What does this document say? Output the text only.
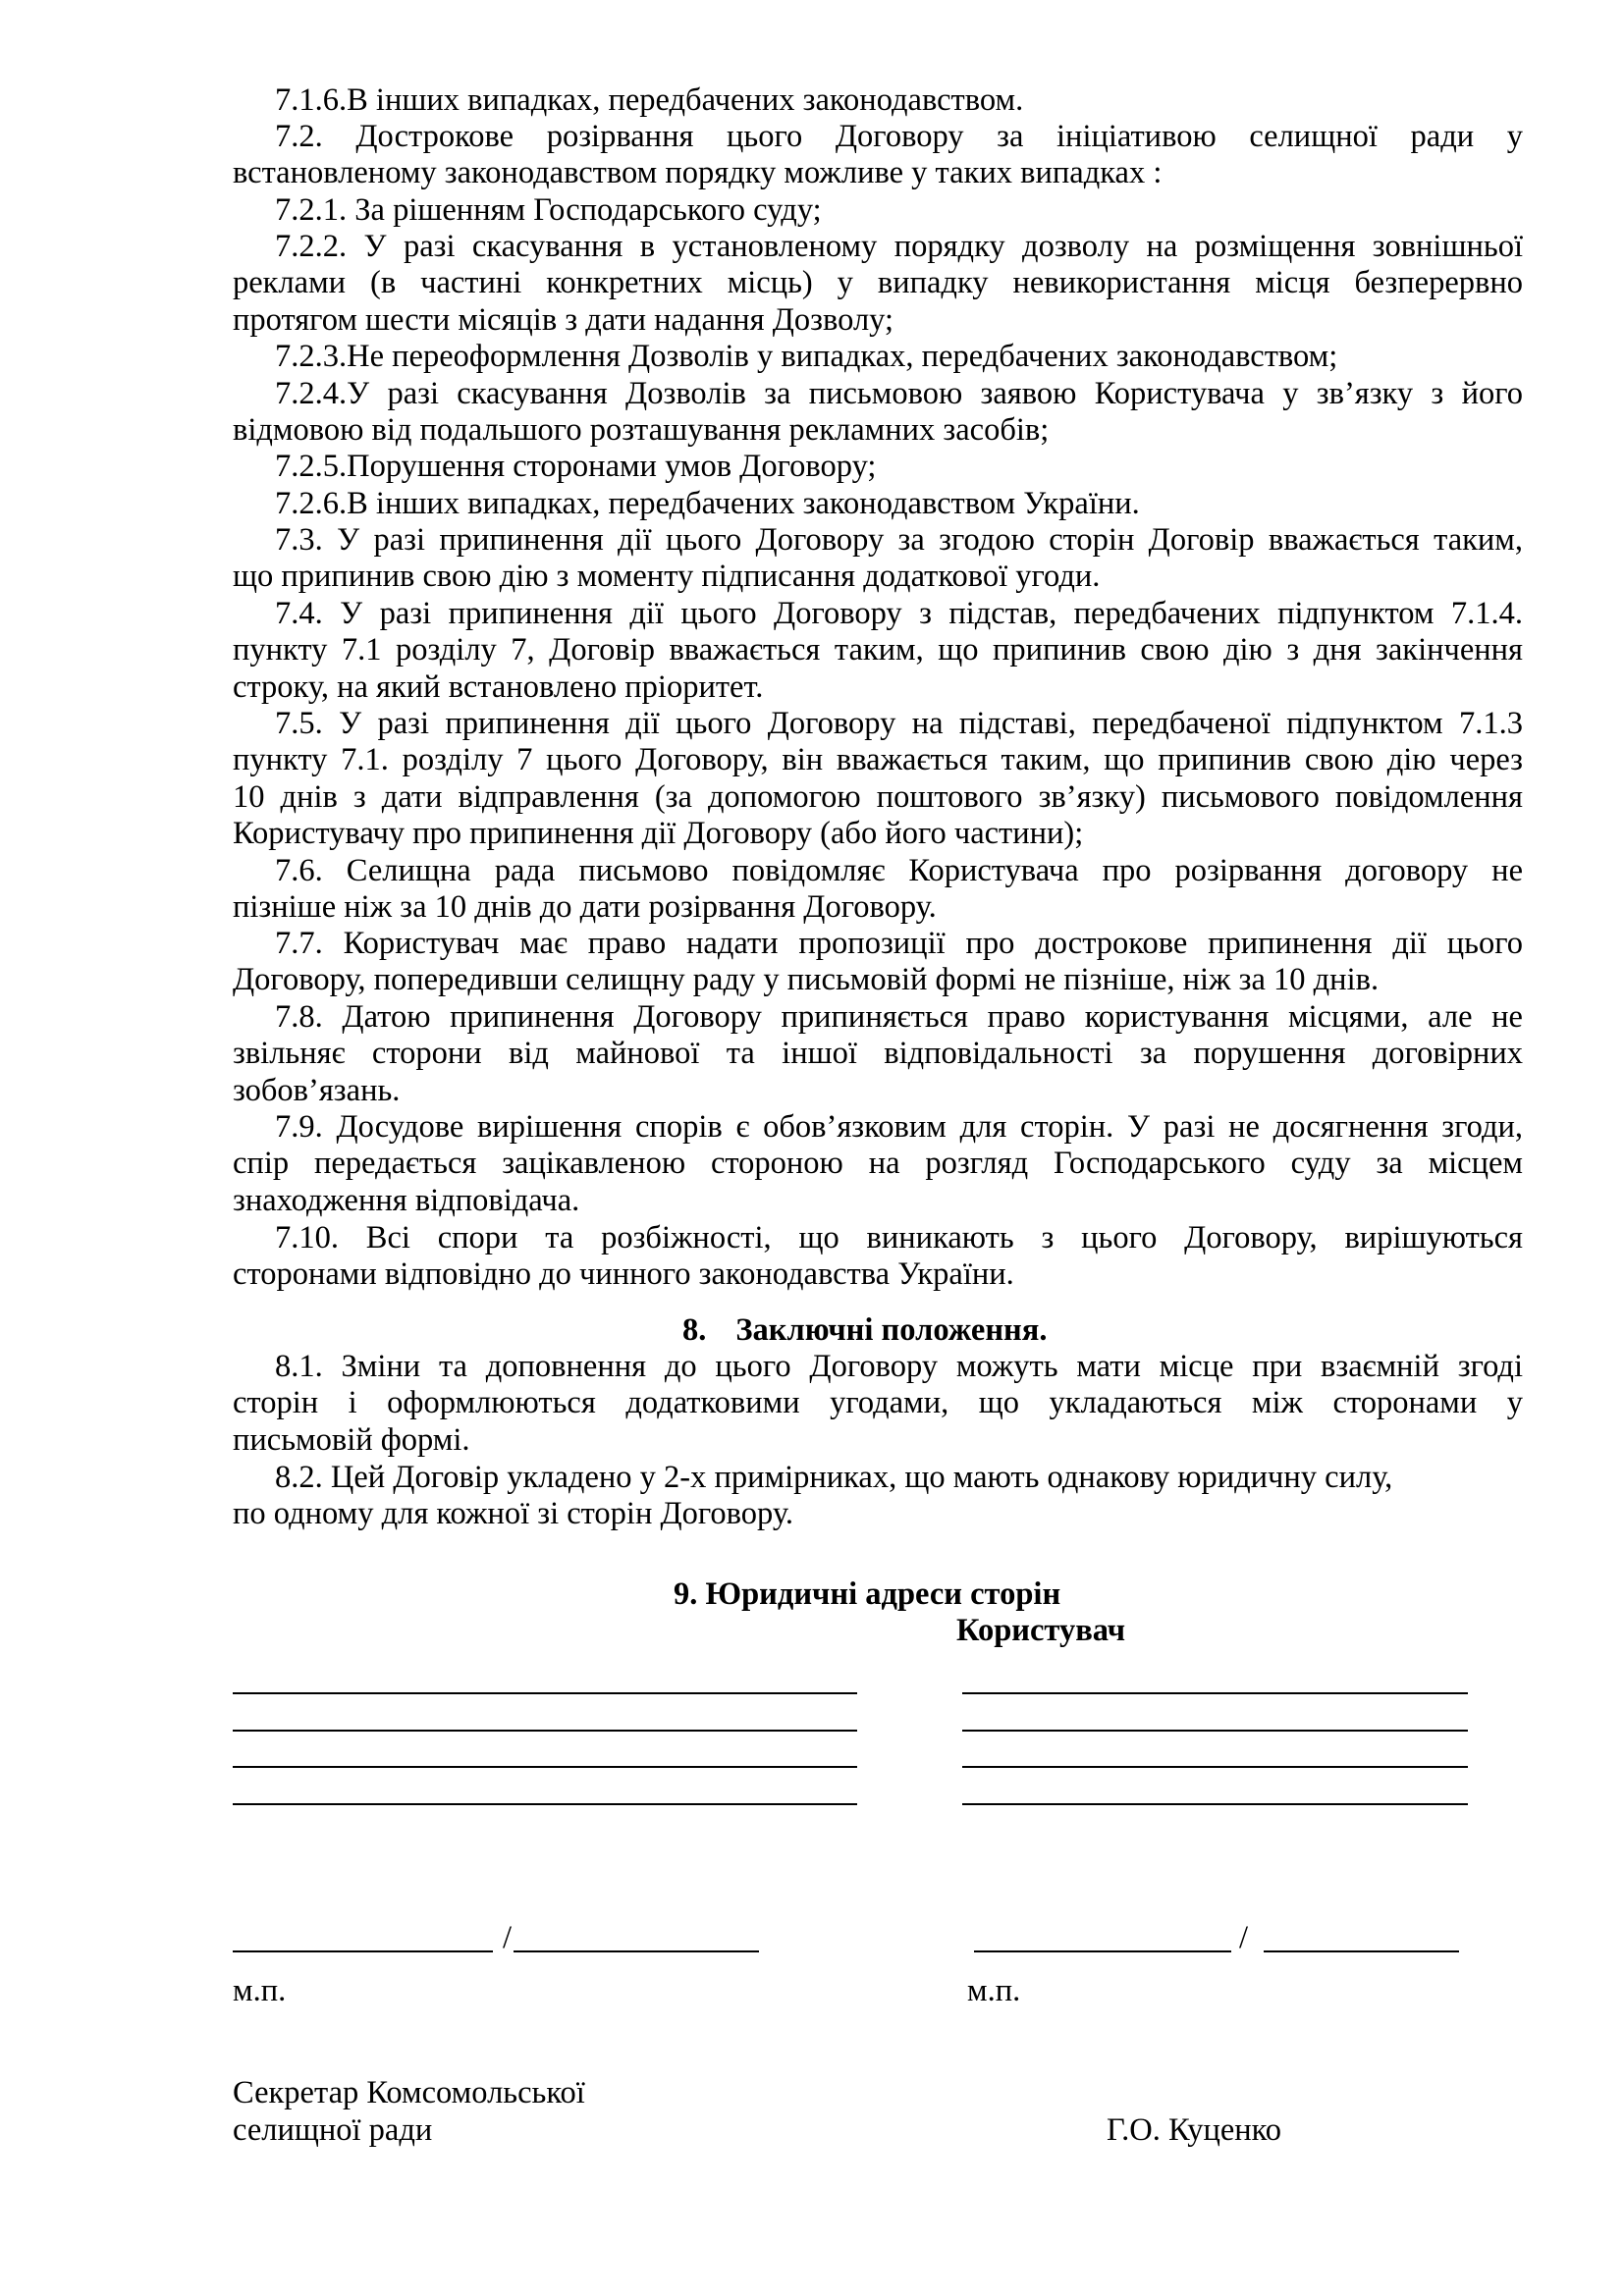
7.1.6.В інших випадках, передбачених законодавством.

7.2. Дострокове розірвання цього Договору за ініціативою селищної ради у
встановленому законодавством порядку можливе у таких випадках :

7.2.1. За рішенням Господарського суду;

7.2.2. У разі скасування в установленому порядку дозволу на розміщення зовнішньої
реклами (в частині конкретних місць) у випадку невикористання місця безперервно
протягом шести місяців з дати надання Дозволу;

7.2.3.Не переоформлення Дозволів у випадках, передбачених законодавством;

7.2.4.У разі скасування Дозволів за письмовою заявою Користувача у зв’язку з його
відмовою від подальшого розташування рекламних засобів;

7.2.5.Порушення сторонами умов Договору;

7.2.6.В інших випадках, передбачених законодавством України.

7.3. У разі припинення дії цього Договору за згодою сторін Договір вважається таким,
що припинив свою дію з моменту підписання додаткової угоди.

7.4. У разі припинення дії цього Договору з підстав, передбачених підпунктом 7.1.4.
пункту 7.1 розділу 7, Договір вважається таким, що припинив свою дію з дня закінчення
строку, на який встановлено пріоритет.

7.5. У разі припинення дії цього Договору на підставі, передбаченої підпунктом 7.1.3
пункту 7.1. розділу 7 цього Договору, він вважається таким, що припинив свою дію через
10 днів з дати відправлення (за допомогою поштового зв’язку) письмового повідомлення
Користувачу про припинення дії Договору (або його частини);

7.6. Селищна рада письмово повідомляє Користувача про розірвання договору не
пізніше ніж за 10 днів до дати розірвання Договору.

7.7. Користувач має право надати пропозиції про дострокове припинення дії цього
Договору, попередивши селищну раду у письмовій формі не пізніше, ніж за 10 днів.

7.8. Датою припинення Договору припиняється право користування місцями, але не
звільняє сторони від майнової та іншої відповідальності за порушення договірних
зобов’язань.

7.9. Досудове вирішення спорів є обов’язковим для сторін. У разі не досягнення згоди,
спір передається зацікавленою стороною на розгляд Господарського суду за місцем
знаходження відповідача.

7.10. Всі спори та розбіжності, що виникають з цього Договору, вирішуються
сторонами відповідно до чинного законодавства України.

8. Заключні положення.

8.1. Зміни та доповнення до цього Договору можуть мати місце при взаємній згоді
сторін і оформлюються додатковими угодами, що укладаються між сторонами у
письмовій формі.

8.2. Цей Договір укладено у 2-х примірниках, що мають однакову юридичну силу,
по одному для кожної зі сторін Договору.

9. Юридичні адреси сторін
Користувач
/	/
м.п.	м.п.
Секретар Комсомольської
селищної ради	Г.О. Куценко
